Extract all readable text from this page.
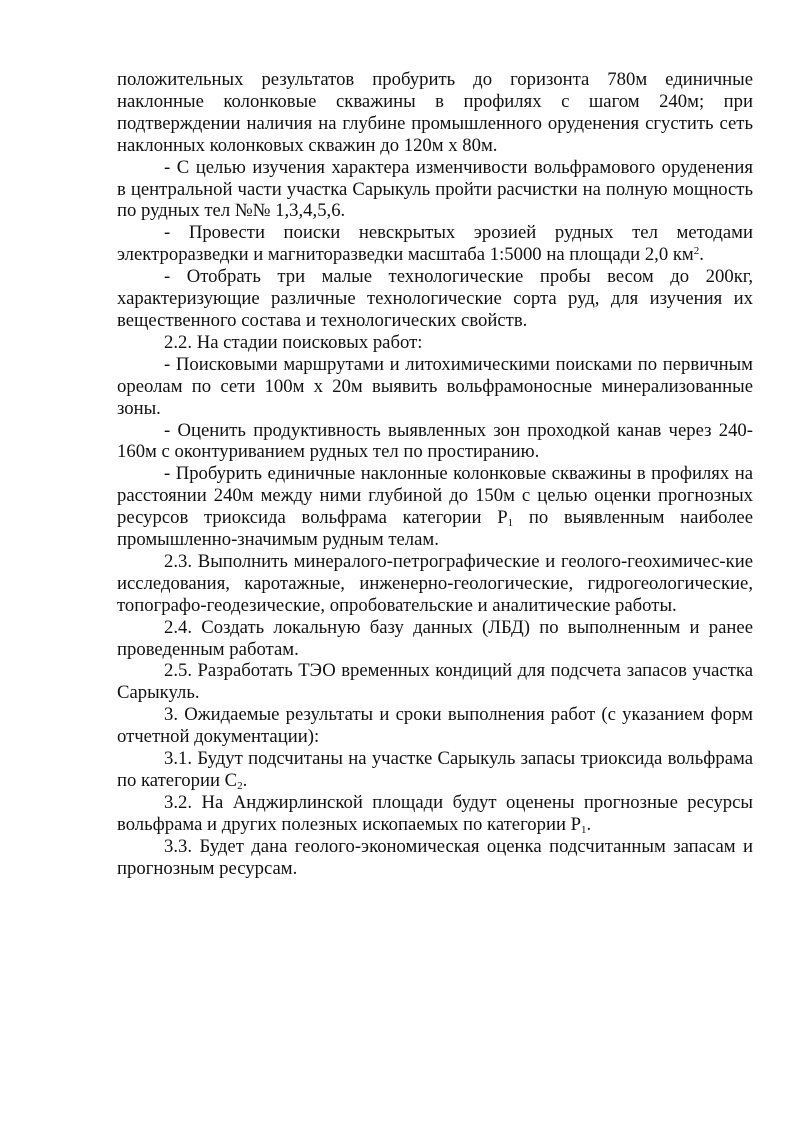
положительных результатов пробурить до горизонта 780м единичные наклонные колонковые скважины в профилях с шагом 240м; при подтверждении наличия на глубине промышленного оруденения сгустить сеть наклонных колонковых скважин до 120м х 80м.

- С целью изучения характера изменчивости вольфрамового оруденения в центральной части участка Сарыкуль пройти расчистки на полную мощность по рудных тел №№ 1,3,4,5,6.

- Провести поиски невскрытых эрозией рудных тел методами электроразведки и магниторазведки масштаба 1:5000 на площади 2,0 $км^2$.

- Отобрать три малые технологические пробы весом до 200кг, характеризующие различные технологические сорта руд, для изучения их вещественного состава и технологических свойств.

2.2. На стадии поисковых работ:

- Поисковыми маршрутами и литохимическими поисками по первичным ореолам по сети 100м х 20м выявить вольфрамоносные минерализованные зоны.

- Оценить продуктивность выявленных зон проходкой канав через 240-160м с оконтуриванием рудных тел по простиранию.

- Пробурить единичные наклонные колонковые скважины в профилях на расстоянии 240м между ними глубиной до 150м с целью оценки прогнозных ресурсов триоксида вольфрама категории $Р_1$ по выявленным наиболее промышленно-значимым рудным телам.

2.3. Выполнить минералого-петрографические и геолого-геохимичес-кие исследования, каротажные, инженерно-геологические, гидрогеологические, топографо-геодезические, опробовательские и аналитические работы.

2.4. Создать локальную базу данных (ЛБД) по выполненным и ранее проведенным работам.

2.5. Разработать ТЭО временных кондиций для подсчета запасов участка Сарыкуль.

3. Ожидаемые результаты и сроки выполнения работ (с указанием форм отчетной документации):

3.1. Будут подсчитаны на участке Сарыкуль запасы триоксида вольфрама по категории $С_2$.

3.2. На Анджирлинской площади будут оценены прогнозные ресурсы вольфрама и других полезных ископаемых по категории $Р_1$.

3.3. Будет дана геолого-экономическая оценка подсчитанным запасам и прогнозным ресурсам.
